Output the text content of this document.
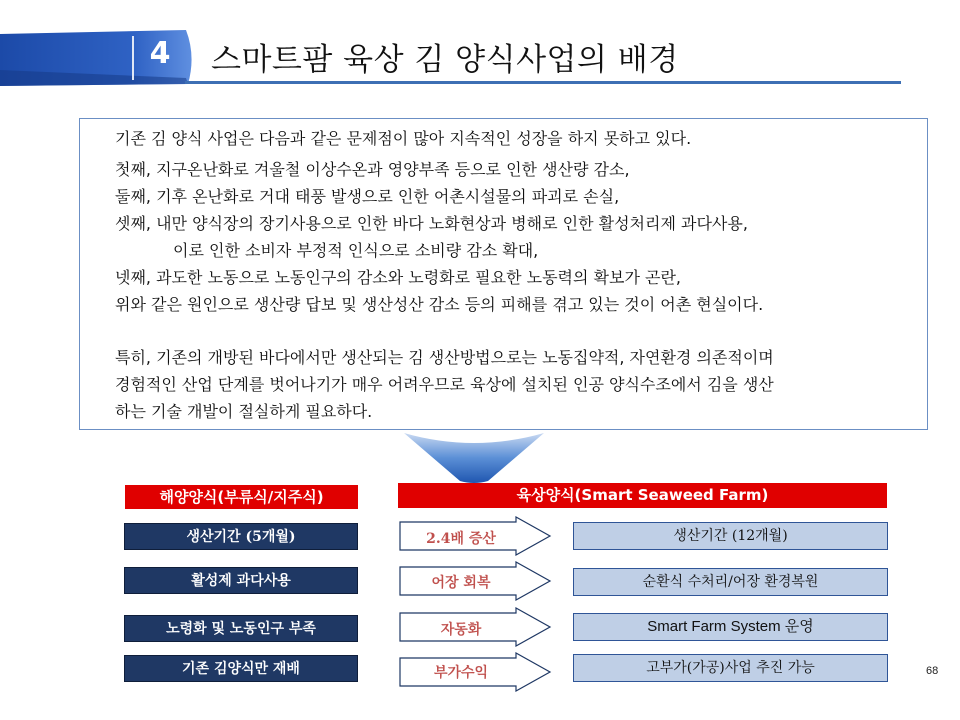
4 스마트팜 육상 김 양식사업의 배경
기존 김 양식 사업은 다음과 같은 문제점이 많아 지속적인 성장을 하지 못하고 있다.
첫째, 지구온난화로 겨울철 이상수온과 영양부족 등으로 인한 생산량 감소,
둘째, 기후 온난화로 거대 태풍 발생으로 인한 어촌시설물의 파괴로 손실,
셋째, 내만 양식장의 장기사용으로 인한 바다 노화현상과 병해로 인한 활성처리제 과다사용,
이로 인한 소비자 부정적 인식으로 소비량 감소 확대,
넷째, 과도한 노동으로 노동인구의 감소와 노령화로 필요한 노동력의 확보가 곤란,
위와 같은 원인으로 생산량 답보 및 생산성산 감소 등의 피해를 겪고 있는 것이 어촌 현실이다.
특히, 기존의 개방된 바다에서만 생산되는 김 생산방법으로는 노동집약적, 자연환경 의존적이며
경험적인 산업 단계를 벗어나기가 매우 어려우므로 육상에 설치된 인공 양식수조에서 김을 생산
하는 기술 개발이 절실하게 필요하다.
해양양식(부류식/지주식)	육상양식(Smart Seaweed Farm)
생산기간 (5개월)	2.4배 증산	생산기간 (12개월)
활성제 과다사용	어장 회복	순환식 수처리/어장 환경복원
노령화 및 노동인구 부족	자동화	Smart Farm System 운영
기존 김양식만 재배	부가수익	고부가(가공)사업 추진 가능	68
